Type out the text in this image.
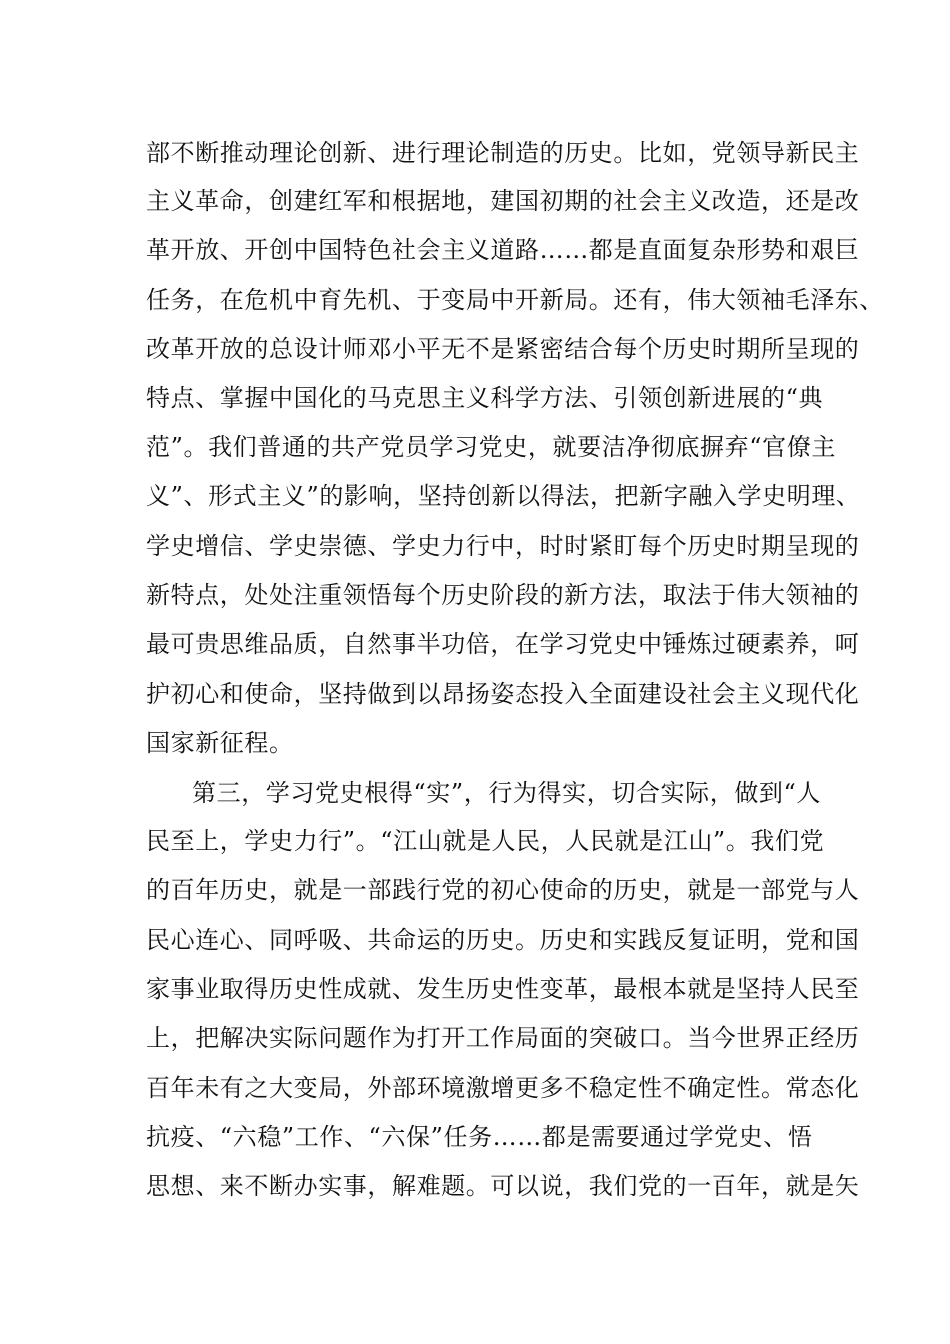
部不断推动理论创新、进行理论制造的历史。比如，党领导新民主
主义革命，创建红军和根据地，建国初期的社会主义改造，还是改
革开放、开创中国特色社会主义道路……都是直面复杂形势和艰巨
任务，在危机中育先机、于变局中开新局。还有，伟大领袖毛泽东、
改革开放的总设计师邓小平无不是紧密结合每个历史时期所呈现的
特点、掌握中国化的马克思主义科学方法、引领创新进展的“典
范”。我们普通的共产党员学习党史，就要洁净彻底摒弃“官僚主
义”、形式主义”的影响，坚持创新以得法，把新字融入学史明理、
学史增信、学史崇德、学史力行中，时时紧盯每个历史时期呈现的
新特点，处处注重领悟每个历史阶段的新方法，取法于伟大领袖的
最可贵思维品质，自然事半功倍，在学习党史中锤炼过硬素养，呵
护初心和使命，坚持做到以昂扬姿态投入全面建设社会主义现代化
国家新征程。
第三，学习党史根得“实”，行为得实，切合实际，做到“人
民至上，学史力行”。“江山就是人民，人民就是江山”。我们党
的百年历史，就是一部践行党的初心使命的历史，就是一部党与人
民心连心、同呼吸、共命运的历史。历史和实践反复证明，党和国
家事业取得历史性成就、发生历史性变革，最根本就是坚持人民至
上，把解决实际问题作为打开工作局面的突破口。当今世界正经历
百年未有之大变局，外部环境激增更多不稳定性不确定性。常态化
抗疫、“六稳”工作、“六保”任务……都是需要通过学党史、悟
思想、来不断办实事，解难题。可以说，我们党的一百年，就是矢
